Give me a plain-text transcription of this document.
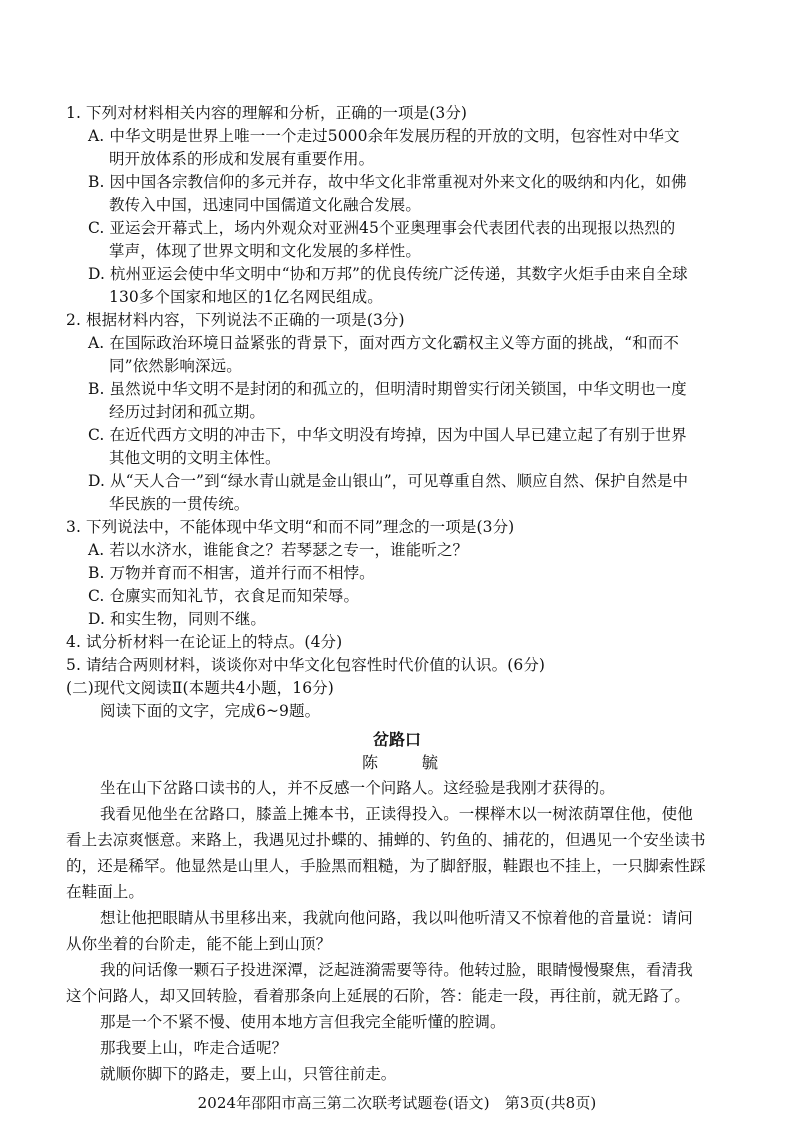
1. 下列对材料相关内容的理解和分析，正确的一项是(3分)
A. 中华文明是世界上唯一一个走过5000余年发展历程的开放的文明，包容性对中华文
明开放体系的形成和发展有重要作用。
B. 因中国各宗教信仰的多元并存，故中华文化非常重视对外来文化的吸纳和内化，如佛
教传入中国，迅速同中国儒道文化融合发展。
C. 亚运会开幕式上，场内外观众对亚洲45个亚奥理事会代表团代表的出现报以热烈的
掌声，体现了世界文明和文化发展的多样性。
D. 杭州亚运会使中华文明中“协和万邦”的优良传统广泛传递，其数字火炬手由来自全球
130多个国家和地区的1亿名网民组成。
2. 根据材料内容，下列说法不正确的一项是(3分)
A. 在国际政治环境日益紧张的背景下，面对西方文化霸权主义等方面的挑战，“和而不
同”依然影响深远。
B. 虽然说中华文明不是封闭的和孤立的，但明清时期曾实行闭关锁国，中华文明也一度
经历过封闭和孤立期。
C. 在近代西方文明的冲击下，中华文明没有垮掉，因为中国人早已建立起了有别于世界
其他文明的文明主体性。
D. 从“天人合一”到“绿水青山就是金山银山”，可见尊重自然、顺应自然、保护自然是中
华民族的一贯传统。
3. 下列说法中，不能体现中华文明“和而不同”理念的一项是(3分)
A. 若以水济水，谁能食之？若琴瑟之专一，谁能听之？
B. 万物并育而不相害，道并行而不相悖。
C. 仓廪实而知礼节，衣食足而知荣辱。
D. 和实生物，同则不继。
4. 试分析材料一在论证上的特点。(4分)
5. 请结合两则材料，谈谈你对中华文化包容性时代价值的认识。(6分)
(二)现代文阅读Ⅱ(本题共4小题，16分)
阅读下面的文字，完成6~9题。
岔路口
陈　毓
坐在山下岔路口读书的人，并不反感一个问路人。这经验是我刚才获得的。
我看见他坐在岔路口，膝盖上摊本书，正读得投入。一棵榉木以一树浓荫罩住他，使他
看上去凉爽惬意。来路上，我遇见过扑蝶的、捕蝉的、钓鱼的、捕花的，但遇见一个安坐读书
的，还是稀罕。他显然是山里人，手脸黑而粗糙，为了脚舒服，鞋跟也不挂上，一只脚索性踩
在鞋面上。
想让他把眼睛从书里移出来，我就向他问路，我以叫他听清又不惊着他的音量说：请问
从你坐着的台阶走，能不能上到山顶？
我的问话像一颗石子投进深潭，泛起涟漪需要等待。他转过脸，眼睛慢慢聚焦，看清我
这个问路人，却又回转脸，看着那条向上延展的石阶，答：能走一段，再往前，就无路了。
那是一个不紧不慢、使用本地方言但我完全能听懂的腔调。
那我要上山，咋走合适呢？
就顺你脚下的路走，要上山，只管往前走。
2024年邵阳市高三第二次联考试题卷(语文)　第3页(共8页)
